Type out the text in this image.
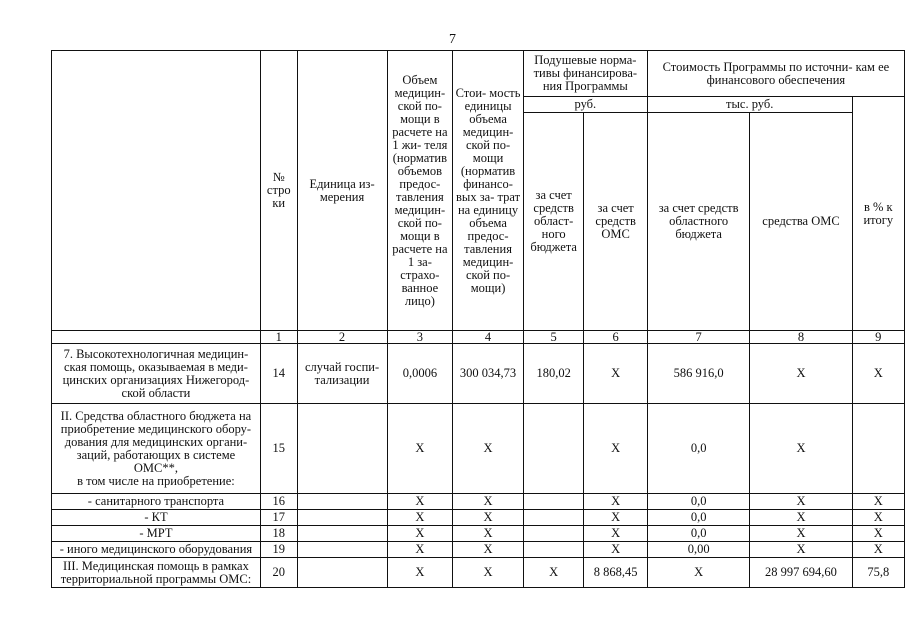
7
	№ стро ки	Единица из- мерения	Объем медицин- ской по- мощи в расчете на 1 жи- теля (норматив объемов предос- тавления медицин- ской по- мощи в расчете на 1 за- страхо- ванное лицо)	Стои- мость единицы объема медицин- ской по- мощи (норматив финансо- вых за- трат на единицу объема предос- тавления медицин- ской по- мощи)	Подушевые норма- тивы финансирова- ния Программы		Стоимость Программы по источни- кам ее финансового обеспечения		
					руб.		тыс. руб.		в % к итогу
					за счет средств област- ного бюджета	за счет средств ОМС	за счет средств областного бюджета	средства ОМС	
	1	2	3	4	5	6	7	8	9
7. Высокотехнологичная медицин- ская помощь, оказываемая в меди- цинских организациях Нижегород- ской области	14	случай госпи- тализации	0,0006	300 034,73	180,02	X	586 916,0	X	X
II. Средства областного бюджета на приобретение медицинского обору- дования для медицинских органи- заций, работающих в системе ОМС**,
в том числе на приобретение:	15		X	X		X	0,0	X	
- санитарного транспорта	16		X	X		X	0,0	X	X
- КТ	17		X	X		X	0,0	X	X
- МРТ	18		X	X		X	0,0	X	X
- иного медицинского оборудования	19		X	X		X	0,00	X	X
III. Медицинская помощь в рамках территориальной программы ОМС:	20		X	X	X	8 868,45	X	28 997 694,60	75,8
